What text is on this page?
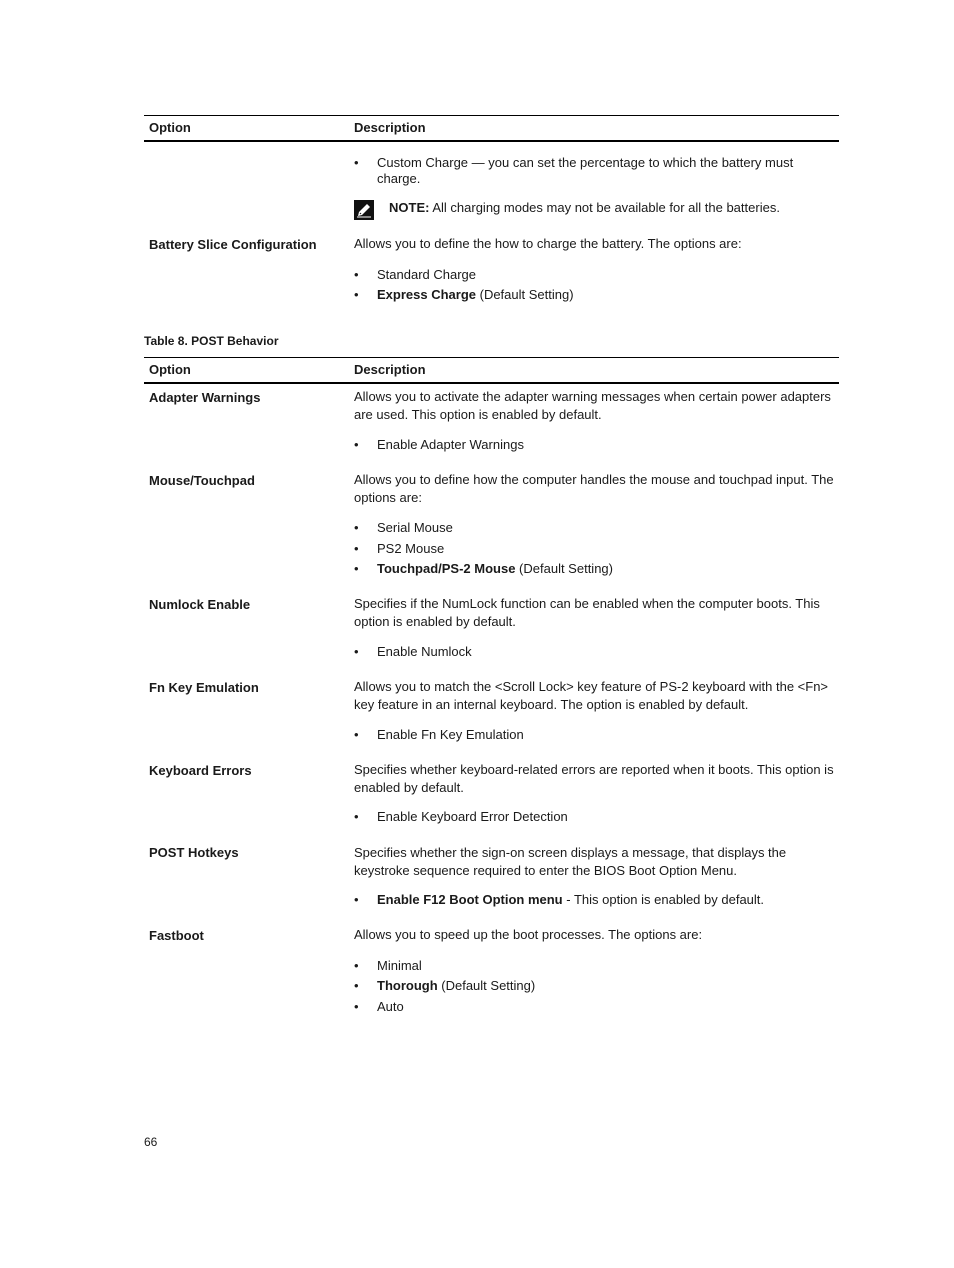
Option	Description
• Custom Charge — you can set the percentage to which the battery must charge.
NOTE: All charging modes may not be available for all the batteries.
Battery Slice Configuration	Allows you to define the how to charge the battery. The options are:
• Standard Charge
• Express Charge (Default Setting)
Table 8. POST Behavior
Option	Description
Adapter Warnings	Allows you to activate the adapter warning messages when certain power adapters are used. This option is enabled by default.
• Enable Adapter Warnings
Mouse/Touchpad	Allows you to define how the computer handles the mouse and touchpad input. The options are:
• Serial Mouse
• PS2 Mouse
• Touchpad/PS-2 Mouse (Default Setting)
Numlock Enable	Specifies if the NumLock function can be enabled when the computer boots. This option is enabled by default.
• Enable Numlock
Fn Key Emulation	Allows you to match the <Scroll Lock> key feature of PS-2 keyboard with the <Fn> key feature in an internal keyboard. The option is enabled by default.
• Enable Fn Key Emulation
Keyboard Errors	Specifies whether keyboard-related errors are reported when it boots. This option is enabled by default.
• Enable Keyboard Error Detection
POST Hotkeys	Specifies whether the sign-on screen displays a message, that displays the keystroke sequence required to enter the BIOS Boot Option Menu.
• Enable F12 Boot Option menu - This option is enabled by default.
Fastboot	Allows you to speed up the boot processes. The options are:
• Minimal
• Thorough (Default Setting)
• Auto
66
